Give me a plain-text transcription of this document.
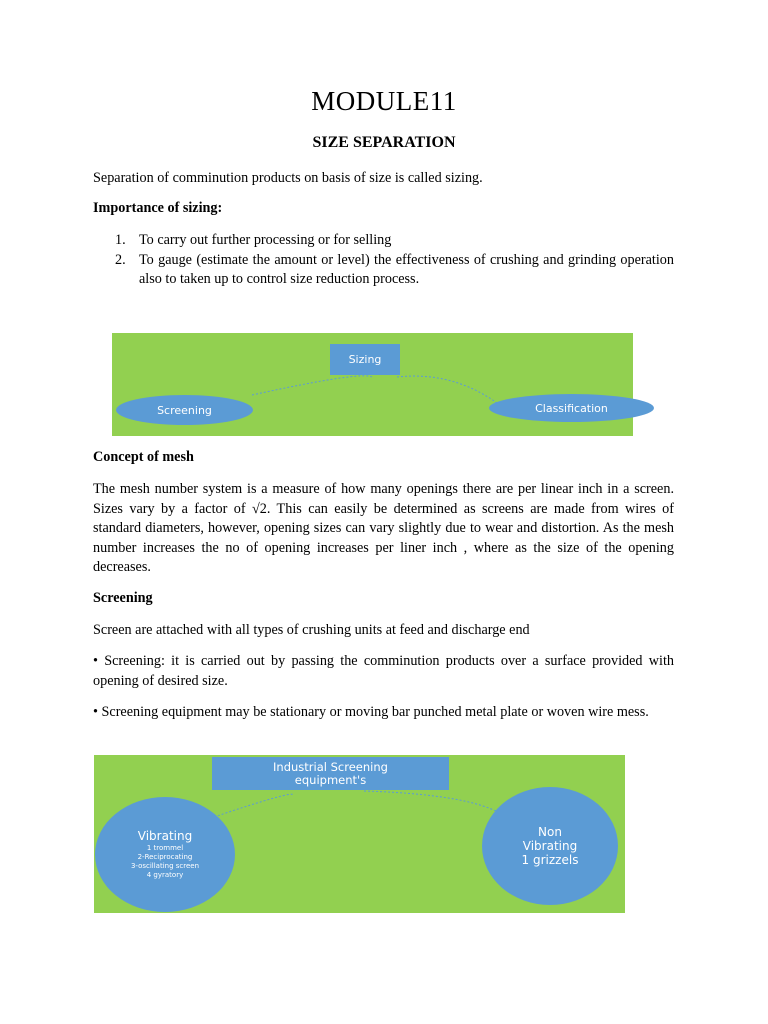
MODULE11
SIZE SEPARATION
Separation of comminution products on basis of size is called sizing.
Importance of sizing:
1. To carry out further processing or for selling
2. To gauge (estimate the amount or level) the effectiveness of crushing and grinding operation also to taken up to control size reduction process.
Sizing
Screening	Classification
Concept of mesh
The mesh number system is a measure of how many openings there are per linear inch in a screen. Sizes vary by a factor of √2. This can easily be determined as screens are made from wires of standard diameters, however, opening sizes can vary slightly due to wear and distortion. As the mesh number increases the no of opening increases per liner inch , where as the size of the opening decreases.
Screening
Screen are attached with all types of crushing units at feed and discharge end
• Screening: it is carried out by passing the comminution products over a surface provided with opening of desired size.
• Screening equipment may be stationary or moving bar punched metal plate or woven wire mess.
Industrial Screening
equipment's
Vibrating
1 trommel
2-Reciprocating
3-oscillating screen
4 gyratory
Non
Vibrating
1 grizzels
